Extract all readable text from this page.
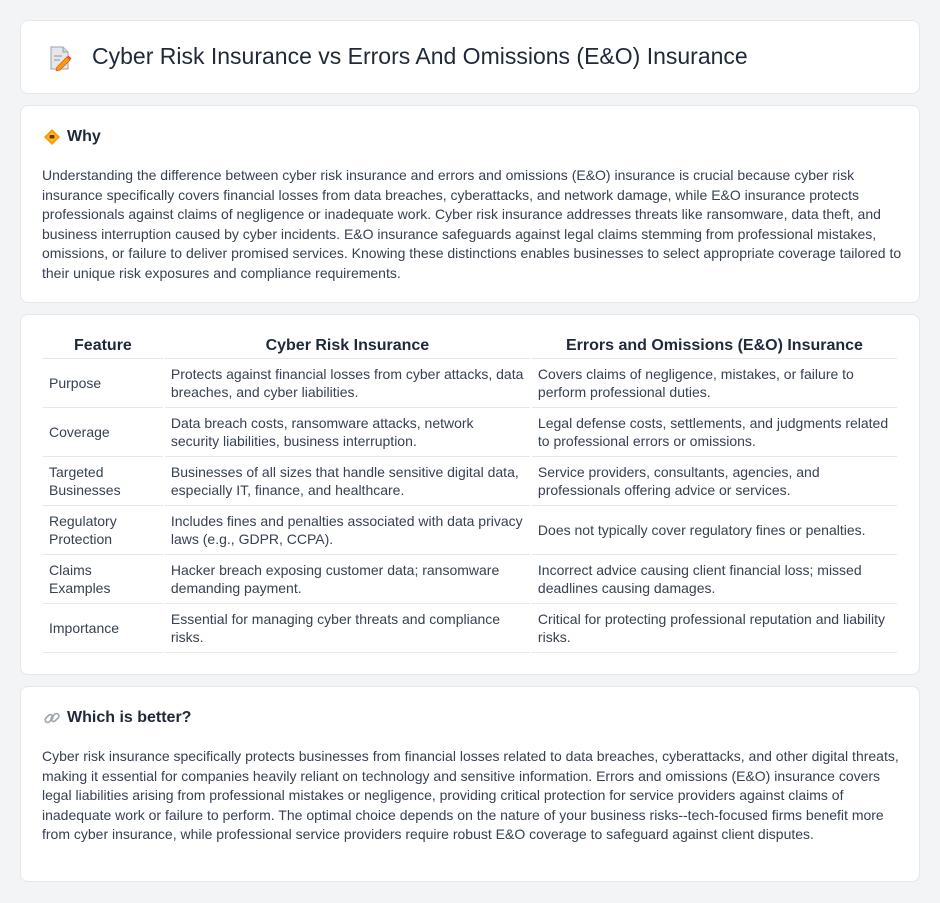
Cyber Risk Insurance vs Errors And Omissions (E&O) Insurance
Why

Understanding the difference between cyber risk insurance and errors and omissions (E&O) insurance is crucial because cyber risk insurance specifically covers financial losses from data breaches, cyberattacks, and network damage, while E&O insurance protects professionals against claims of negligence or inadequate work. Cyber risk insurance addresses threats like ransomware, data theft, and business interruption caused by cyber incidents. E&O insurance safeguards against legal claims stemming from professional mistakes, omissions, or failure to deliver promised services. Knowing these distinctions enables businesses to select appropriate coverage tailored to their unique risk exposures and compliance requirements.

Feature	Cyber Risk Insurance	Errors and Omissions (E&O) Insurance
Purpose	Protects against financial losses from cyber attacks, data breaches, and cyber liabilities.	Covers claims of negligence, mistakes, or failure to perform professional duties.
Coverage	Data breach costs, ransomware attacks, network security liabilities, business interruption.	Legal defense costs, settlements, and judgments related to professional errors or omissions.
Targeted Businesses	Businesses of all sizes that handle sensitive digital data, especially IT, finance, and healthcare.	Service providers, consultants, agencies, and professionals offering advice or services.
Regulatory Protection	Includes fines and penalties associated with data privacy laws (e.g., GDPR, CCPA).	Does not typically cover regulatory fines or penalties.
Claims Examples	Hacker breach exposing customer data; ransomware demanding payment.	Incorrect advice causing client financial loss; missed deadlines causing damages.
Importance	Essential for managing cyber threats and compliance risks.	Critical for protecting professional reputation and liability risks.
Which is better?

Cyber risk insurance specifically protects businesses from financial losses related to data breaches, cyberattacks, and other digital threats, making it essential for companies heavily reliant on technology and sensitive information. Errors and omissions (E&O) insurance covers legal liabilities arising from professional mistakes or negligence, providing critical protection for service providers against claims of inadequate work or failure to perform. The optimal choice depends on the nature of your business risks--tech-focused firms benefit more from cyber insurance, while professional service providers require robust E&O coverage to safeguard against client disputes.
